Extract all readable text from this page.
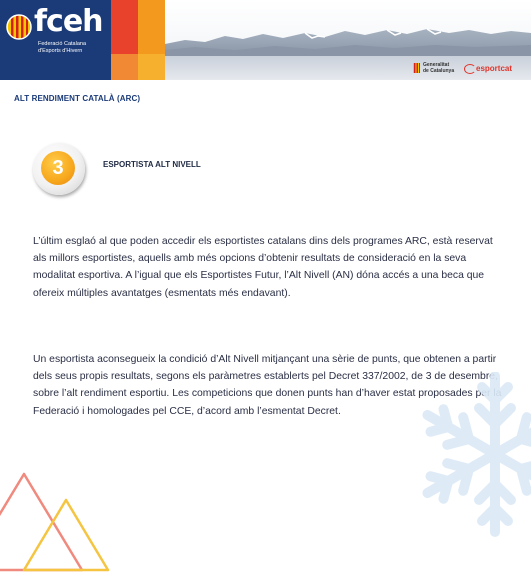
fceh
Federació Catalana
d'Esports d'Hivern
Generalitat
de Catalunya	esportcat
ALT RENDIMENT CATALÀ (ARC)
3	ESPORTISTA ALT NIVELL

L’últim esglaó al que poden accedir els esportistes catalans dins dels programes ARC, està reservat als millors esportistes, aquells amb més opcions d’obtenir resultats de consideració en la seva modalitat esportiva. A l’igual que els Esportistes Futur, l’Alt Nivell (AN) dóna accés a una beca que ofereix múltiples avantatges (esmentats més endavant).

Un esportista aconsegueix la condició d’Alt Nivell mitjançant una sèrie de punts, que obtenen a partir dels seus propis resultats, segons els paràmetres establerts pel Decret 337/2002, de 3 de desembre, sobre l’alt rendiment esportiu. Les competicions que donen punts han d’haver estat proposades per la Federació i homologades pel CCE, d’acord amb l’esmentat Decret.
